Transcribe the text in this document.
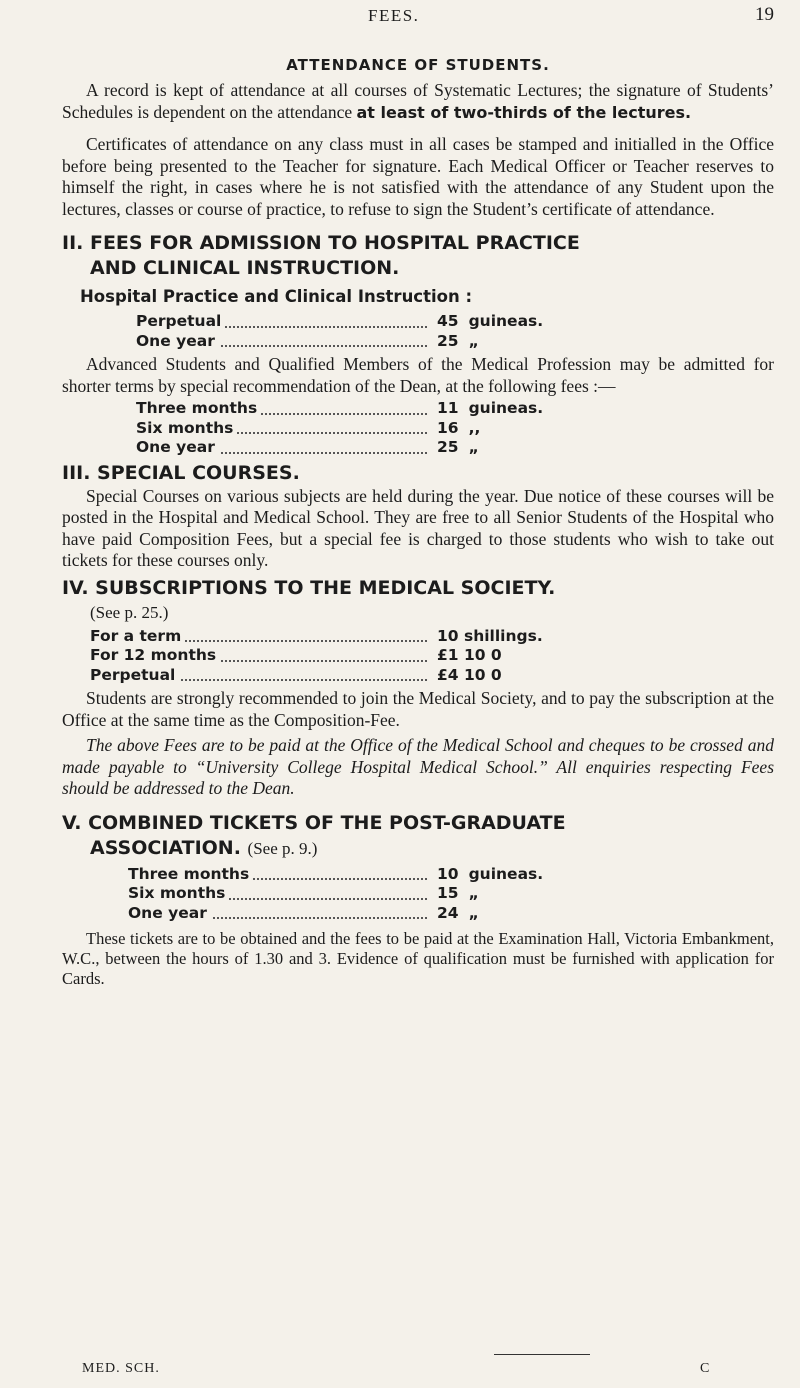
FEES.	19
ATTENDANCE OF STUDENTS.

A record is kept of attendance at all courses of Systematic Lectures; the signature of Students’ Schedules is dependent on the attendance at least of two-thirds of the lectures.

Certificates of attendance on any class must in all cases be stamped and initialled in the Office before being presented to the Teacher for signature. Each Medical Officer or Teacher reserves to himself the right, in cases where he is not satisfied with the attendance of any Student upon the lectures, classes or course of practice, to refuse to sign the Student’s certificate of attendance.

II. FEES FOR ADMISSION TO HOSPITAL PRACTICE
AND CLINICAL INSTRUCTION.
Hospital Practice and Clinical Instruction :
Perpetual	45	guineas.
One year	25	„

Advanced Students and Qualified Members of the Medical Profession may be admitted for shorter terms by special recommendation of the Dean, at the following fees :—

Three months	11	guineas.
Six months	16	,,
One year	25	„
III. SPECIAL COURSES.

Special Courses on various subjects are held during the year. Due notice of these courses will be posted in the Hospital and Medical School. They are free to all Senior Students of the Hospital who have paid Composition Fees, but a special fee is charged to those students who wish to take out tickets for these courses only.

IV. SUBSCRIPTIONS TO THE MEDICAL SOCIETY.
(See p. 25.)
For a term	10 shillings.
For 12 months	£1 10 0
Perpetual	£4 10 0

Students are strongly recommended to join the Medical Society, and to pay the subscription at the Office at the same time as the Composition-Fee.

The above Fees are to be paid at the Office of the Medical School and cheques to be crossed and made payable to “University College Hospital Medical School.” All enquiries respecting Fees should be addressed to the Dean.

V. COMBINED TICKETS OF THE POST-GRADUATE
ASSOCIATION. (See p. 9.)
Three months	10	guineas.
Six months	15	„
One year	24	„

These tickets are to be obtained and the fees to be paid at the Examination Hall, Victoria Embankment, W.C., between the hours of 1.30 and 3. Evidence of qualification must be furnished with application for Cards.

MED. SCH.	C
